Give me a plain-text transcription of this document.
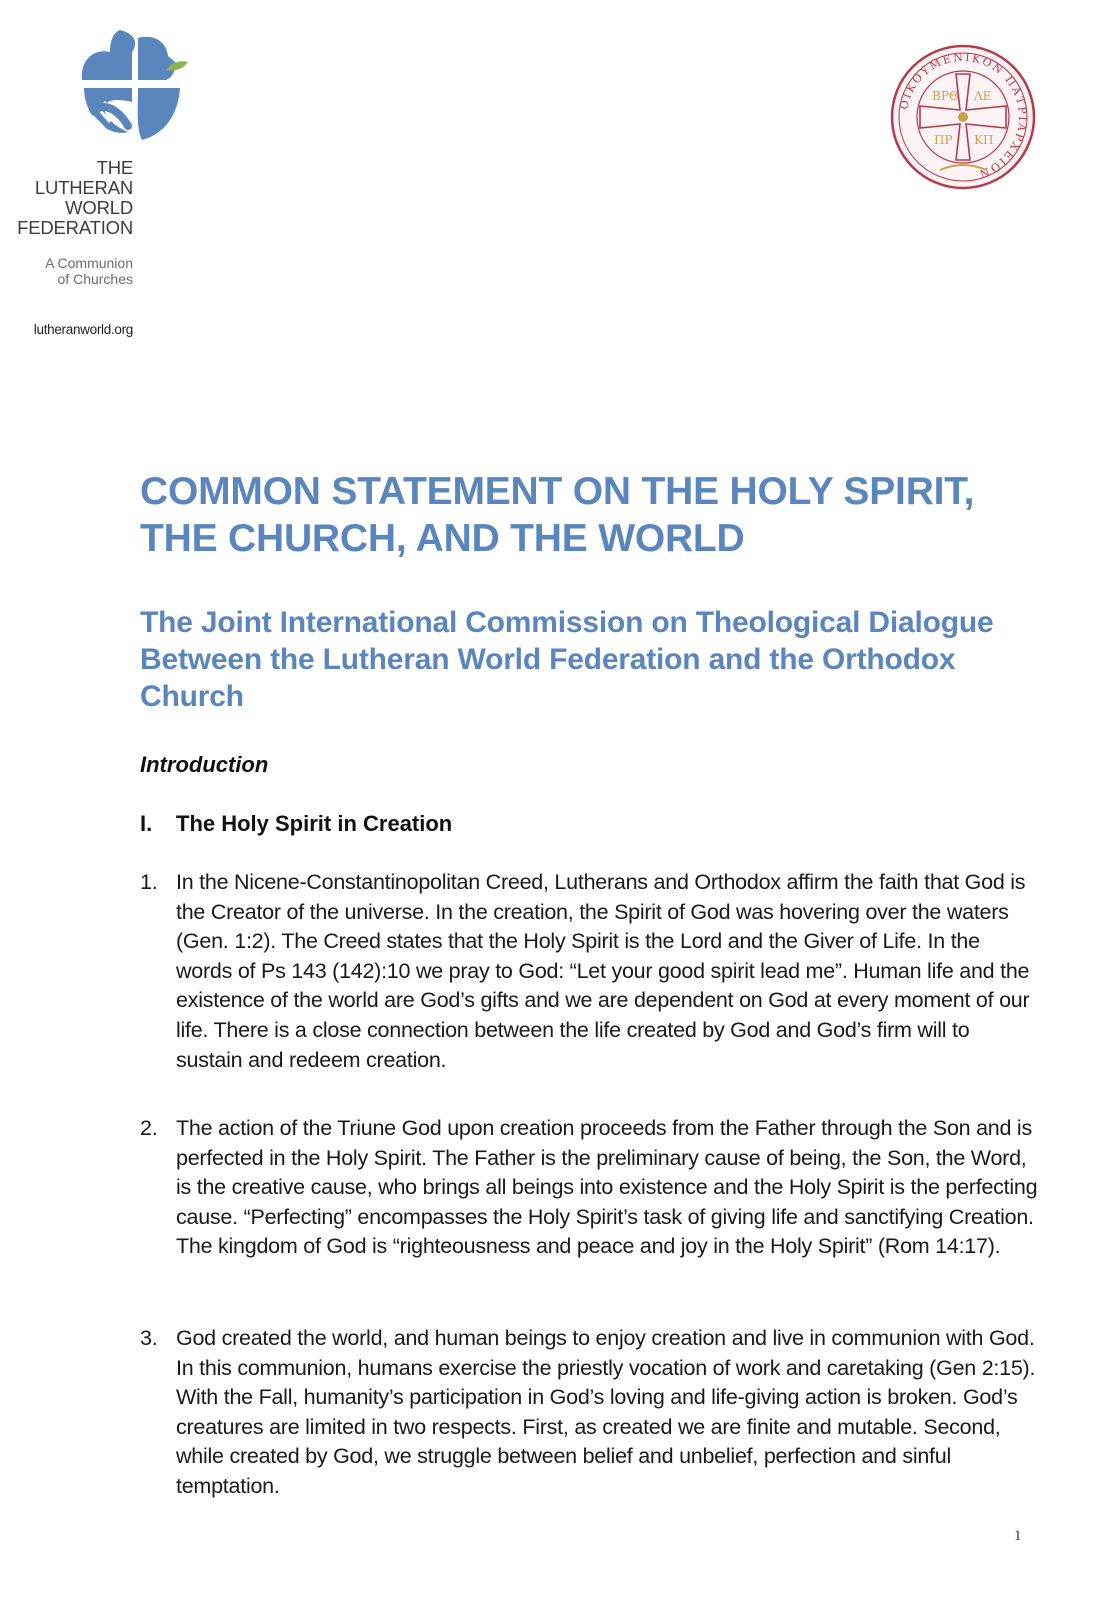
THE
LUTHERAN
WORLD
FEDERATION
A Communion
of Churches
lutheranworld.org
ΟΙΚΟΥΜΕΝΙΚΟΝ ΠΑΤΡΙΑΡΧΕΙΟΝ
ΒΡΘ ΛΕ
ΠΡ ΚΠ
COMMON STATEMENT ON THE HOLY SPIRIT,
THE CHURCH, AND THE WORLD
The Joint International Commission on Theological Dialogue Between the Lutheran World Federation and the Orthodox Church
Introduction
I. The Holy Spirit in Creation
1. In the Nicene-Constantinopolitan Creed, Lutherans and Orthodox affirm the faith that God is the Creator of the universe. In the creation, the Spirit of God was hovering over the waters (Gen. 1:2). The Creed states that the Holy Spirit is the Lord and the Giver of Life. In the words of Ps 143 (142):10 we pray to God: “Let your good spirit lead me”. Human life and the existence of the world are God’s gifts and we are dependent on God at every moment of our life. There is a close connection between the life created by God and God’s firm will to sustain and redeem creation.
2. The action of the Triune God upon creation proceeds from the Father through the Son and is perfected in the Holy Spirit. The Father is the preliminary cause of being, the Son, the Word, is the creative cause, who brings all beings into existence and the Holy Spirit is the perfecting cause. “Perfecting” encompasses the Holy Spirit’s task of giving life and sanctifying Creation. The kingdom of God is “righteousness and peace and joy in the Holy Spirit” (Rom 14:17).
3. God created the world, and human beings to enjoy creation and live in communion with God. In this communion, humans exercise the priestly vocation of work and caretaking (Gen 2:15). With the Fall, humanity’s participation in God’s loving and life-giving action is broken. God’s creatures are limited in two respects. First, as created we are finite and mutable. Second, while created by God, we struggle between belief and unbelief, perfection and sinful temptation.
1
